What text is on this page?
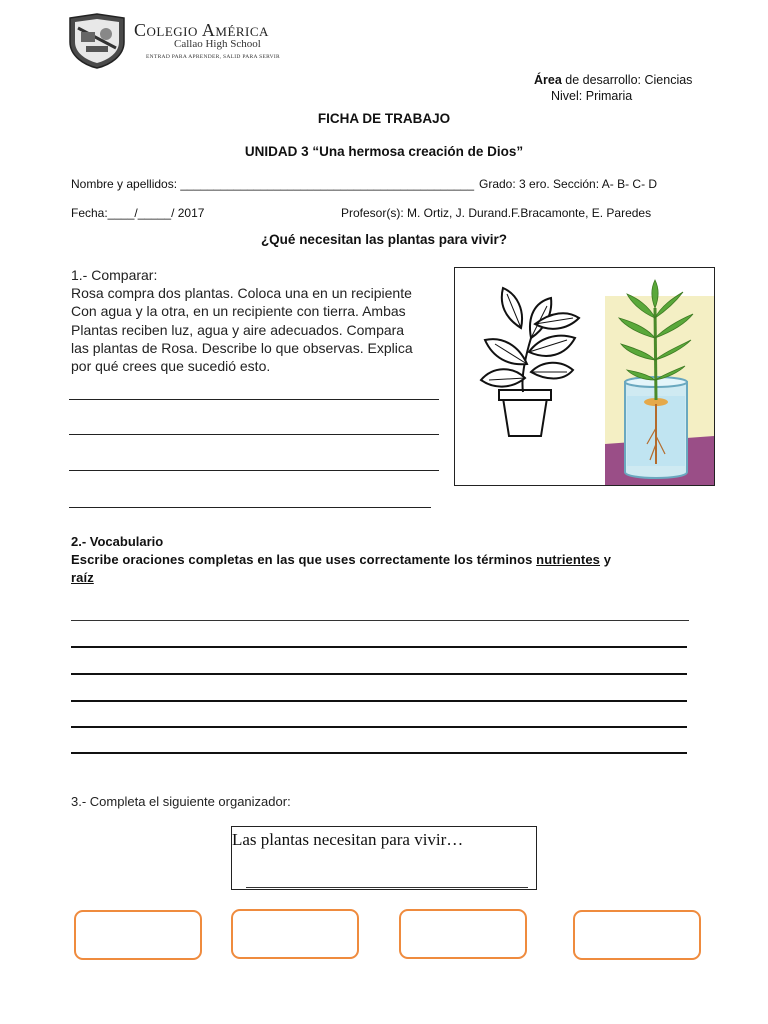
Colegio América
Callao High School
ENTRAD PARA APRENDER, SALID PARA SERVIR
Área de desarrollo: Ciencias
Nivel: Primaria
FICHA DE TRABAJO
UNIDAD 3 “Una hermosa creación de Dios”
Nombre y apellidos: ____________________________________________ Grado: 3 ero. Sección: A- B- C- D
Fecha:____/_____/ 2017	Profesor(s): M. Ortiz, J. Durand.F.Bracamonte, E. Paredes
¿Qué necesitan las plantas para vivir?
1.- Comparar:
Rosa compra dos plantas. Coloca una en un recipiente
Con agua y la otra, en un recipiente con tierra. Ambas
Plantas reciben luz, agua y aire adecuados. Compara
las plantas de Rosa. Describe lo que observas. Explica
por qué crees que sucedió esto.
2.- Vocabulario
Escribe oraciones completas en las que uses correctamente los términos nutrientes y
raíz
3.- Completa el siguiente organizador:
Las plantas necesitan para vivir…
